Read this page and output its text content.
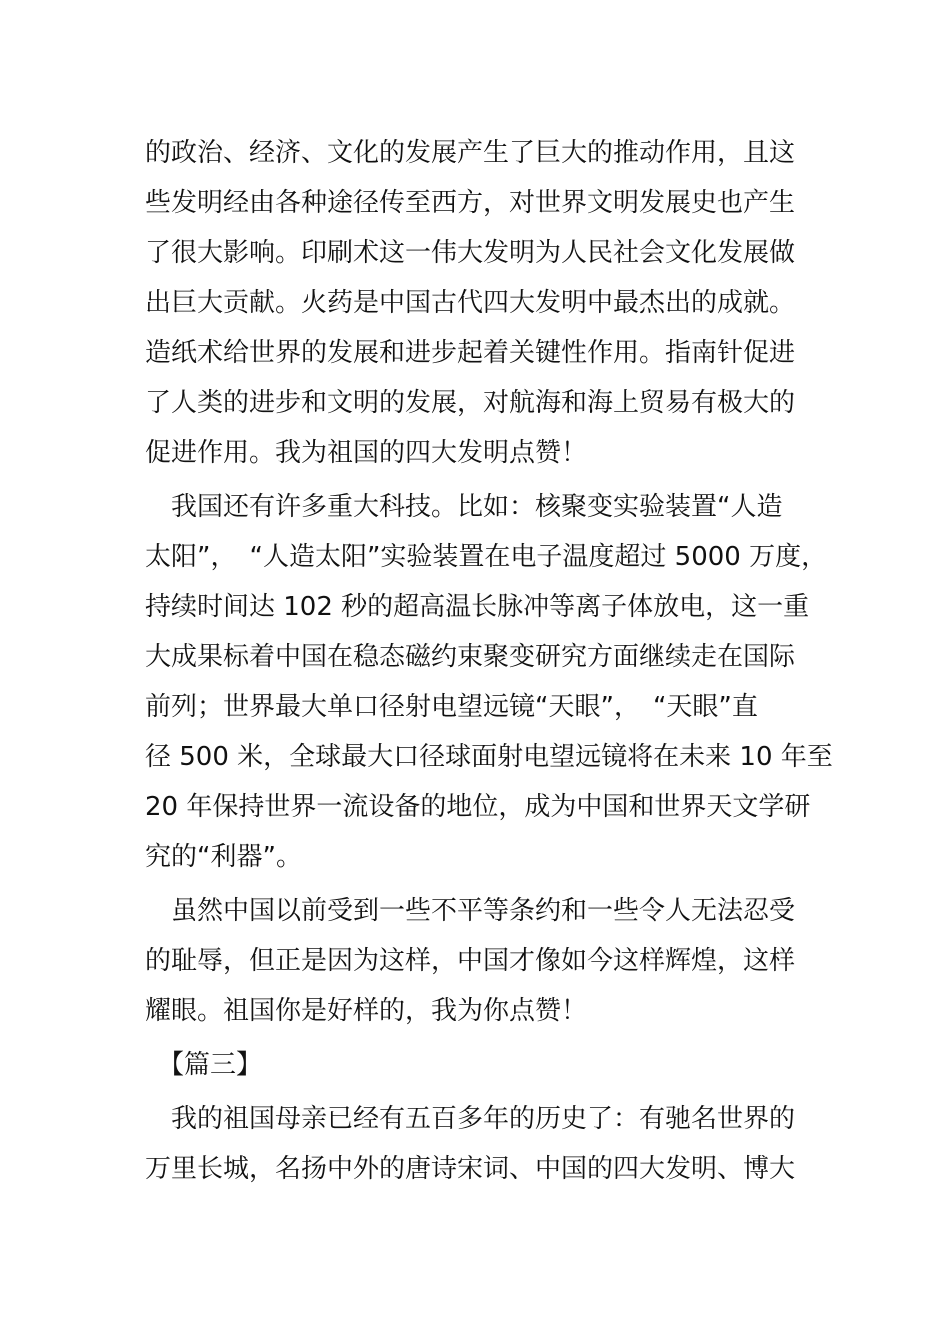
的政治、经济、文化的发展产生了巨大的推动作用，且这
些发明经由各种途径传至西方，对世界文明发展史也产生
了很大影响。印刷术这一伟大发明为人民社会文化发展做
出巨大贡献。火药是中国古代四大发明中最杰出的成就。
造纸术给世界的发展和进步起着关键性作用。指南针促进
了人类的进步和文明的发展，对航海和海上贸易有极大的
促进作用。我为祖国的四大发明点赞！
　我国还有许多重大科技。比如：核聚变实验装置“人造
太阳”，　“人造太阳”实验装置在电子温度超过 5000 万度，
持续时间达 102 秒的超高温长脉冲等离子体放电，这一重
大成果标着中国在稳态磁约束聚变研究方面继续走在国际
前列；世界最大单口径射电望远镜“天眼”，　“天眼”直
径 500 米，全球最大口径球面射电望远镜将在未来 10 年至
20 年保持世界一流设备的地位，成为中国和世界天文学研
究的“利器”。
　虽然中国以前受到一些不平等条约和一些令人无法忍受
的耻辱，但正是因为这样，中国才像如今这样辉煌，这样
耀眼。祖国你是好样的，我为你点赞！
　【篇三】
　我的祖国母亲已经有五百多年的历史了：有驰名世界的
万里长城，名扬中外的唐诗宋词、中国的四大发明、博大
